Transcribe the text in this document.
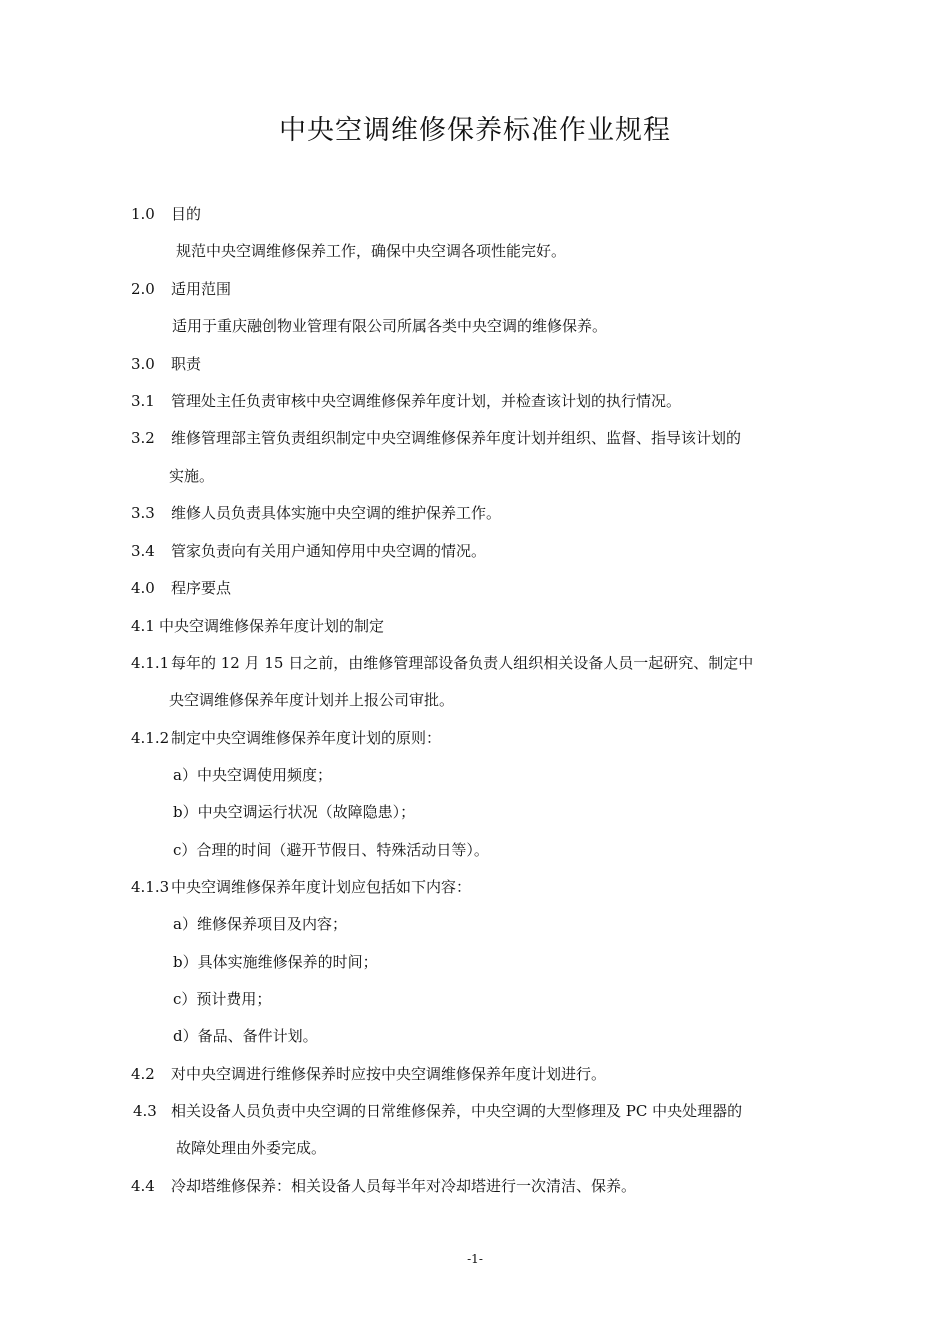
中央空调维修保养标准作业规程
1.0 目的
规范中央空调维修保养工作，确保中央空调各项性能完好。
2.0 适用范围
适用于重庆融创物业管理有限公司所属各类中央空调的维修保养。
3.0 职责
3.1 管理处主任负责审核中央空调维修保养年度计划，并检查该计划的执行情况。
3.2 维修管理部主管负责组织制定中央空调维修保养年度计划并组织、监督、指导该计划的
实施。
3.3 维修人员负责具体实施中央空调的维护保养工作。
3.4 管家负责向有关用户通知停用中央空调的情况。
4.0 程序要点
4.1 中央空调维修保养年度计划的制定
4.1.1 每年的 12 月 15 日之前，由维修管理部设备负责人组织相关设备人员一起研究、制定中
央空调维修保养年度计划并上报公司审批。
4.1.2 制定中央空调维修保养年度计划的原则：
a）中央空调使用频度；
b）中央空调运行状况（故障隐患）；
c）合理的时间（避开节假日、特殊活动日等）。
4.1.3 中央空调维修保养年度计划应包括如下内容：
a）维修保养项目及内容；
b）具体实施维修保养的时间；
c）预计费用；
d）备品、备件计划。
4.2 对中央空调进行维修保养时应按中央空调维修保养年度计划进行。
4.3 相关设备人员负责中央空调的日常维修保养，中央空调的大型修理及 PC 中央处理器的
故障处理由外委完成。
4.4 冷却塔维修保养：相关设备人员每半年对冷却塔进行一次清洁、保养。
-1-
